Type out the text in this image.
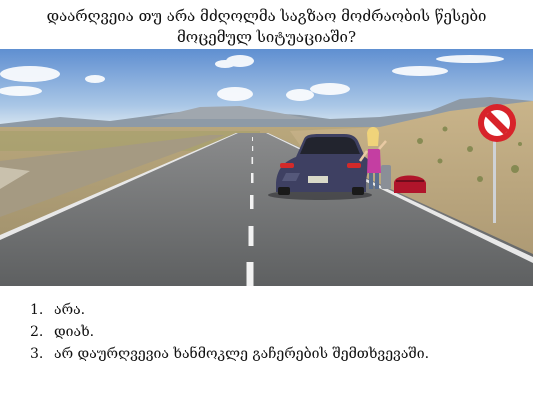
დაარღვეია თუ არა მძღოლმა საგზაო მოძრაობის წესები
მოცემულ სიტუაციაში?
1. არა.
2. დიახ.
3. არ დაურღვევია ხანმოკლე გაჩერების შემთხვევაში.
